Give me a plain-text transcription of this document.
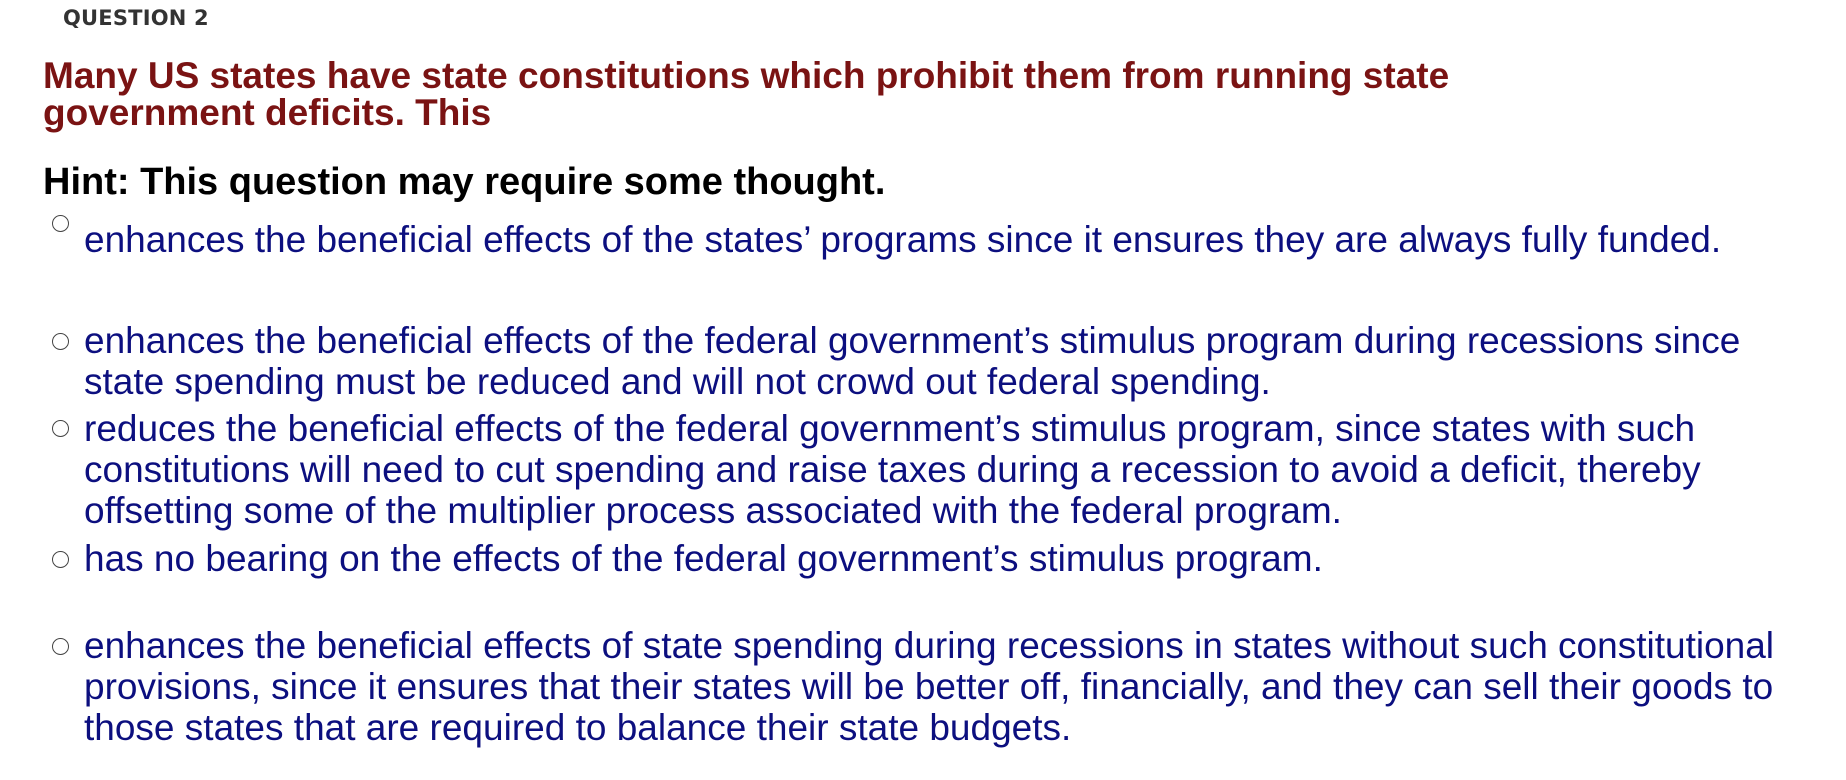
QUESTION 2
Many US states have state constitutions which prohibit them from running state government deficits. This
Hint: This question may require some thought.
enhances the beneficial effects of the states’ programs since it ensures they are always fully funded.
enhances the beneficial effects of the federal government’s stimulus program during recessions since state spending must be reduced and will not crowd out federal spending.
reduces the beneficial effects of the federal government’s stimulus program, since states with such constitutions will need to cut spending and raise taxes during a recession to avoid a deficit, thereby offsetting some of the multiplier process associated with the federal program.
has no bearing on the effects of the federal government’s stimulus program.
enhances the beneficial effects of state spending during recessions in states without such constitutional provisions, since it ensures that their states will be better off, financially, and they can sell their goods to those states that are required to balance their state budgets.
